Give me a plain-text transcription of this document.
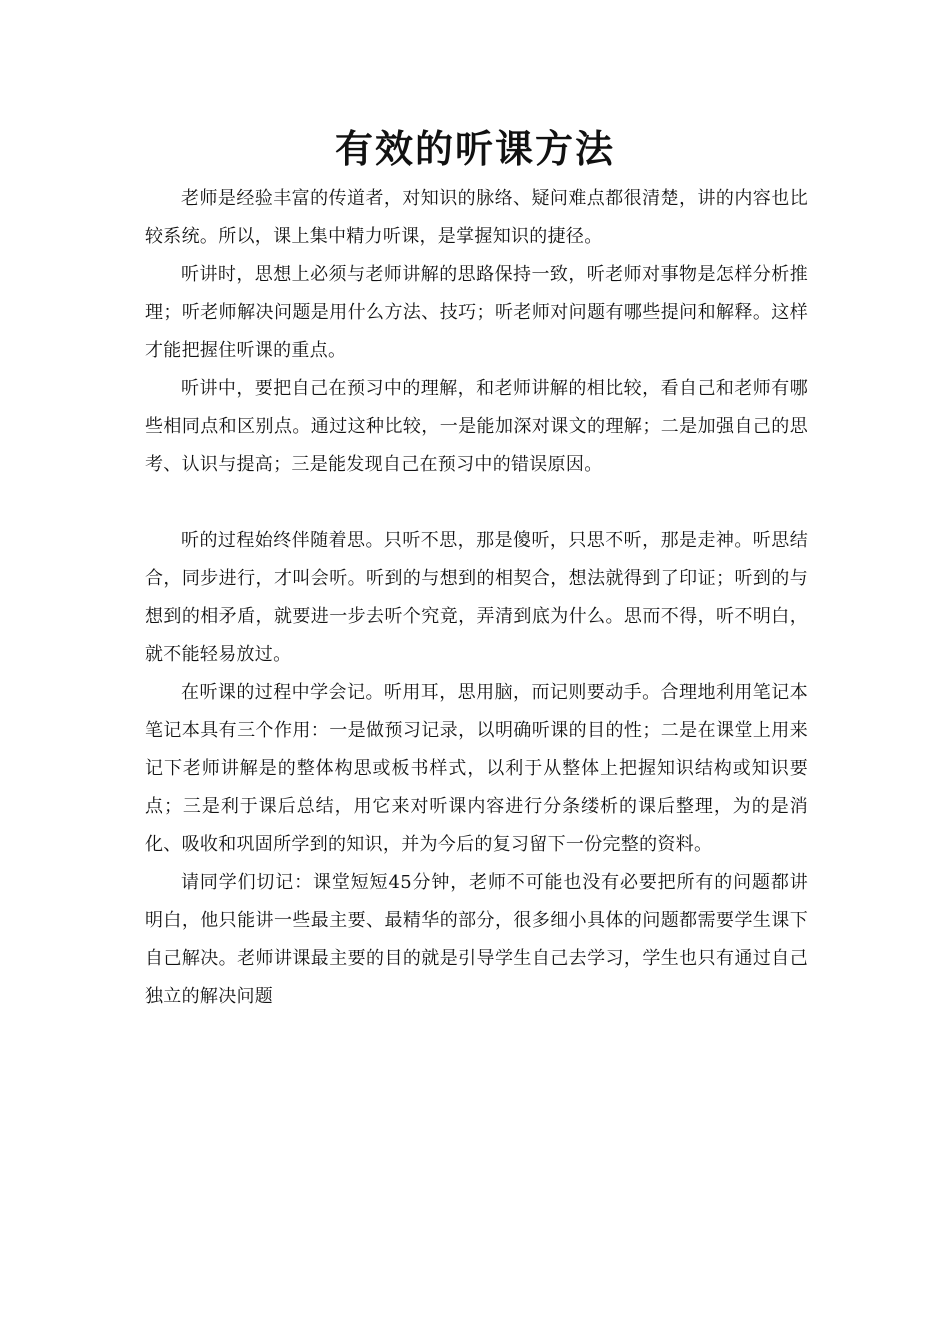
有效的听课方法

老师是经验丰富的传道者，对知识的脉络、疑问难点都很清楚，讲的内容也比较系统。所以，课上集中精力听课，是掌握知识的捷径。

听讲时，思想上必须与老师讲解的思路保持一致，听老师对事物是怎样分析推理；听老师解决问题是用什么方法、技巧；听老师对问题有哪些提问和解释。这样才能把握住听课的重点。

听讲中，要把自己在预习中的理解，和老师讲解的相比较，看自己和老师有哪些相同点和区别点。通过这种比较，一是能加深对课文的理解；二是加强自己的思考、认识与提高；三是能发现自己在预习中的错误原因。

听的过程始终伴随着思。只听不思，那是傻听，只思不听，那是走神。听思结合，同步进行，才叫会听。听到的与想到的相契合，想法就得到了印证；听到的与想到的相矛盾，就要进一步去听个究竟，弄清到底为什么。思而不得，听不明白，就不能轻易放过。

在听课的过程中学会记。听用耳，思用脑，而记则要动手。合理地利用笔记本笔记本具有三个作用：一是做预习记录，以明确听课的目的性；二是在课堂上用来记下老师讲解是的整体构思或板书样式，以利于从整体上把握知识结构或知识要点；三是利于课后总结，用它来对听课内容进行分条缕析的课后整理，为的是消化、吸收和巩固所学到的知识，并为今后的复习留下一份完整的资料。

请同学们切记：课堂短短45分钟，老师不可能也没有必要把所有的问题都讲明白，他只能讲一些最主要、最精华的部分，很多细小具体的问题都需要学生课下自己解决。老师讲课最主要的目的就是引导学生自己去学习，学生也只有通过自己独立的解决问题
